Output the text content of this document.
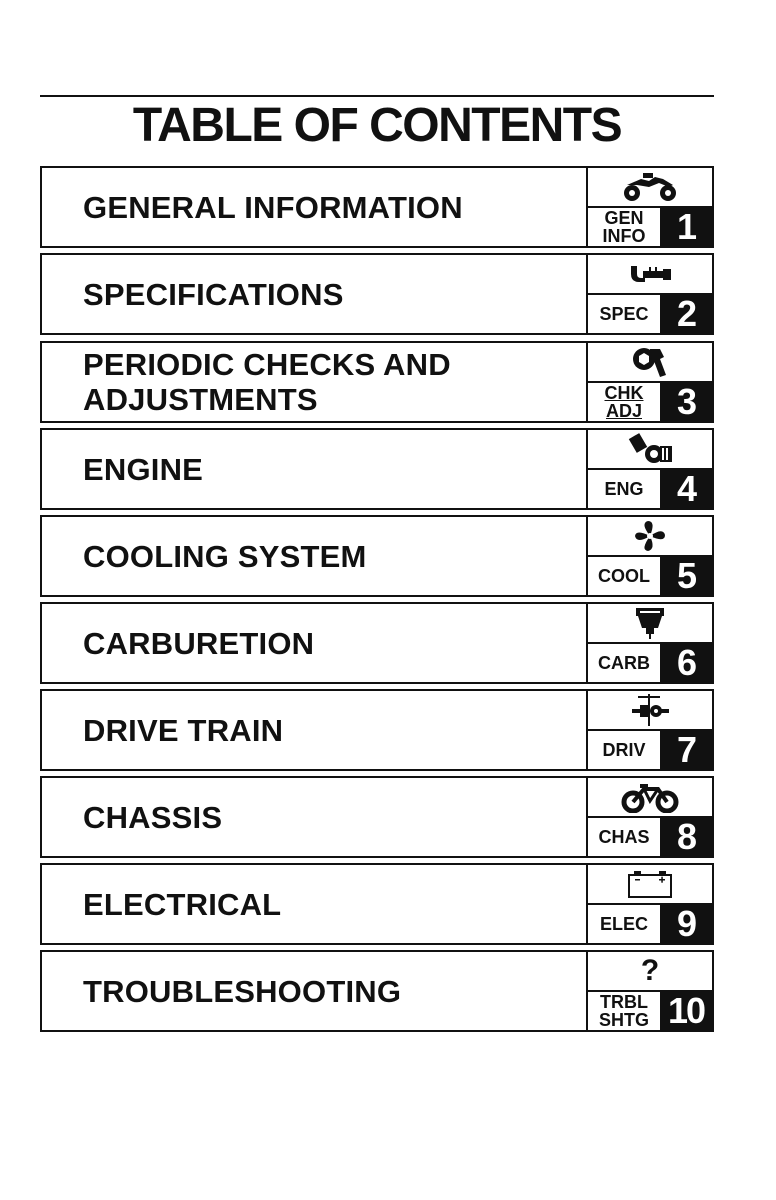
TABLE OF CONTENTS
GENERAL INFORMATION	GEN
INFO 1
SPECIFICATIONS
SPEC 2
PERIODIC CHECKS AND
ADJUSTMENTS	CHK
ADJ 3
ENGINE
ENG 4
COOLING SYSTEM
COOL 5
CARBURETION
CARB 6
DRIVE TRAIN
DRIV 7
CHASSIS
CHAS 8
ELECTRICAL
ELEC 9
TROUBLESHOOTING
?
TRBL
SHTG 10
